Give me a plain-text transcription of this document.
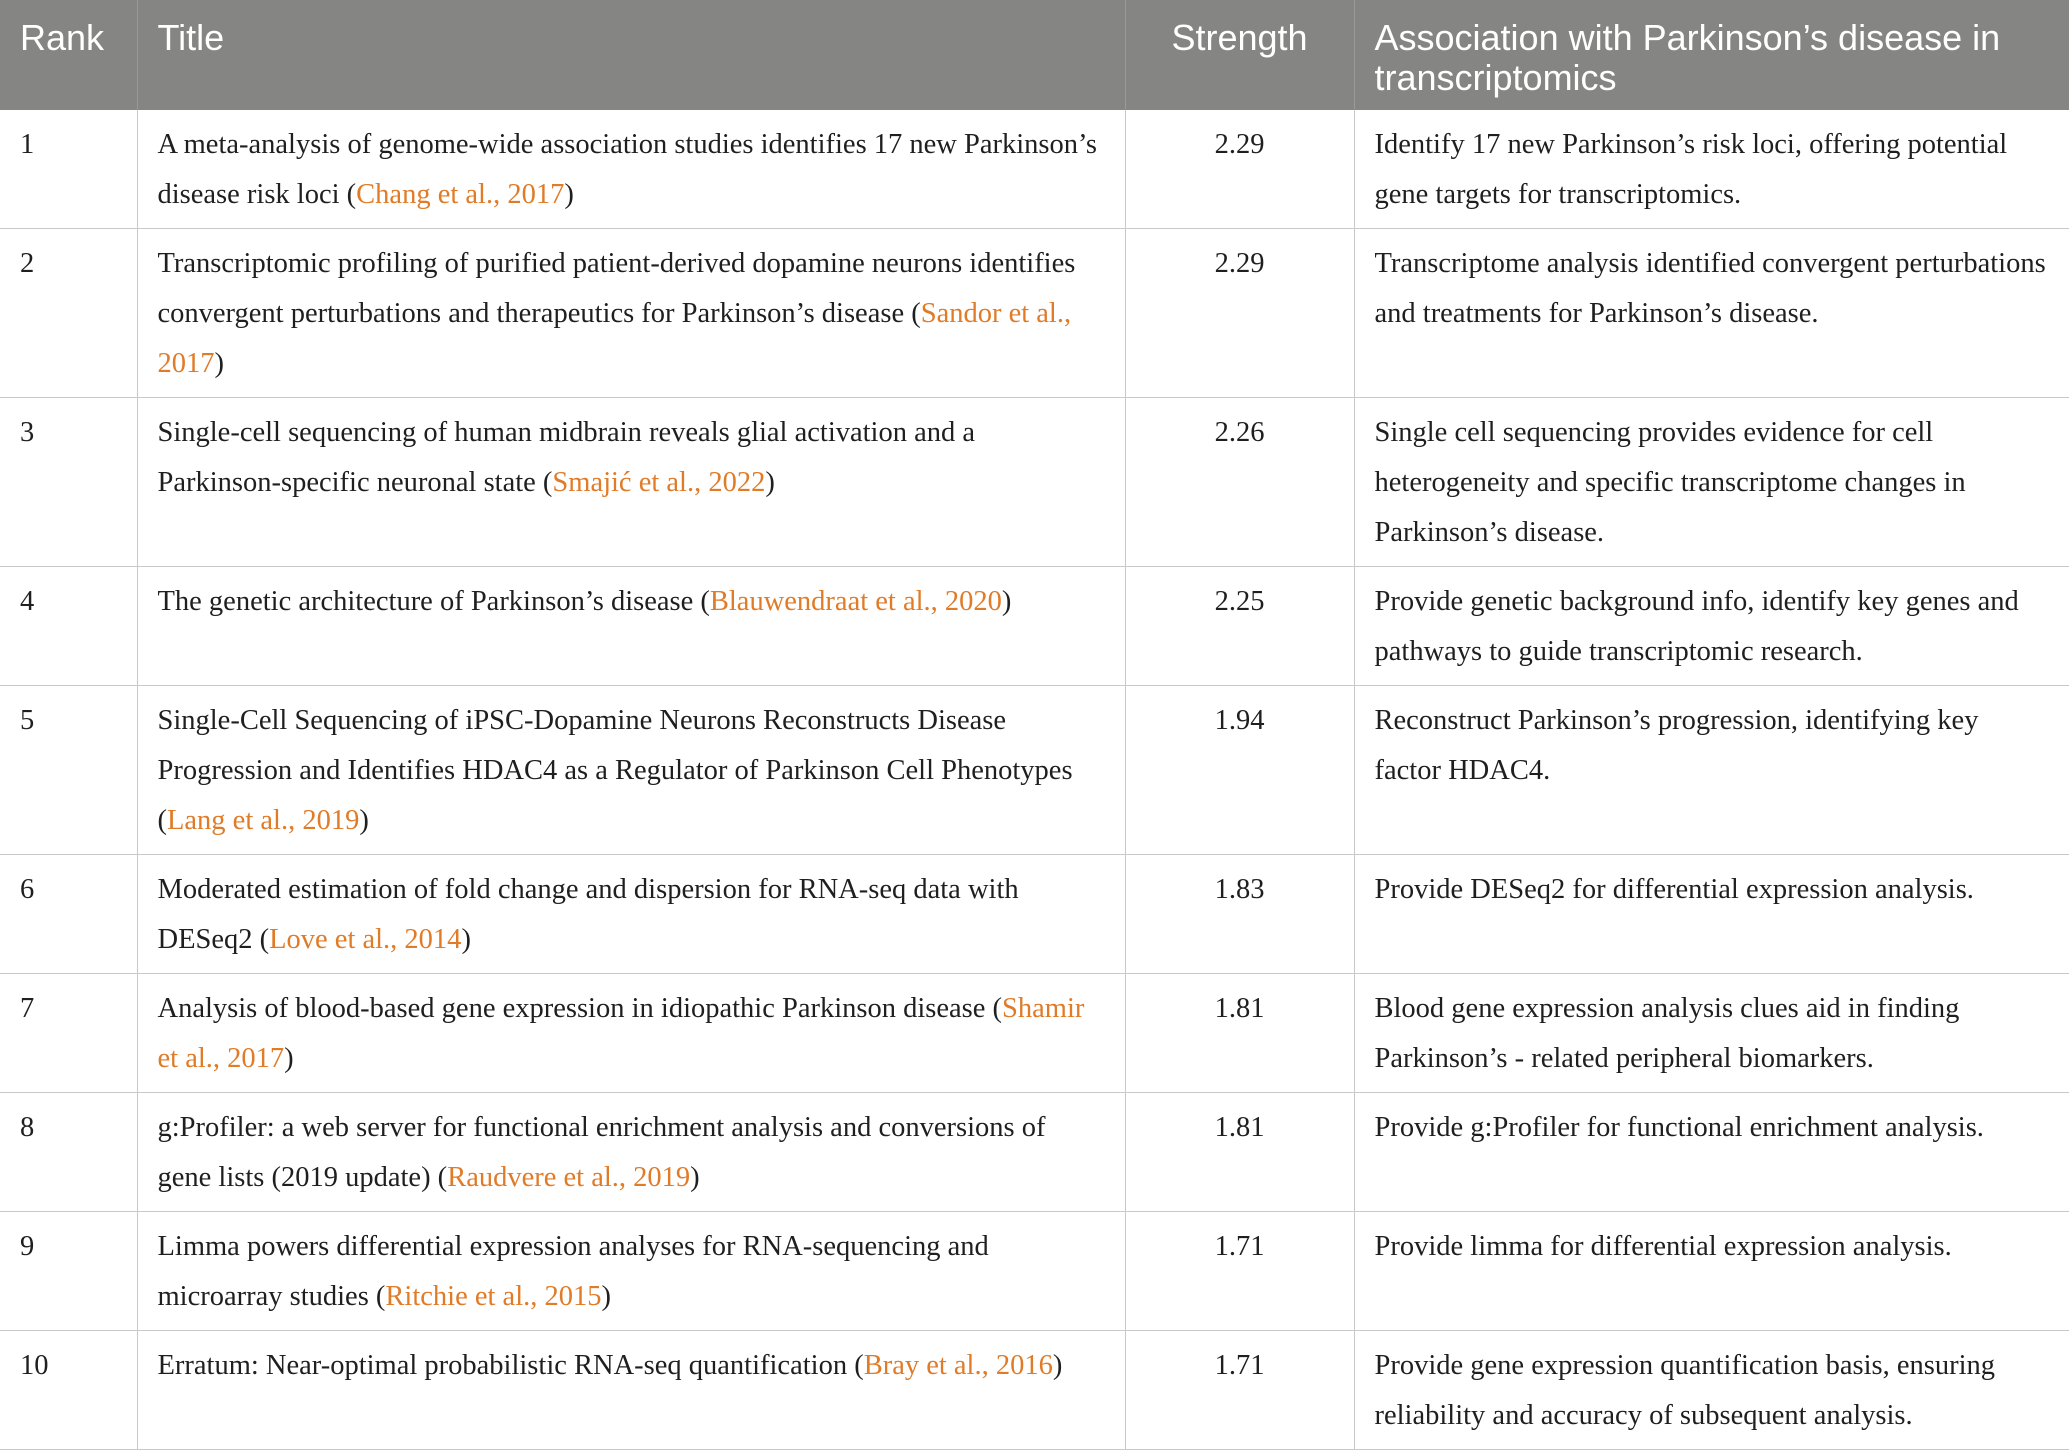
Rank	Title	Strength	Association with Parkinson’s disease in transcriptomics
1	A meta-analysis of genome-wide association studies identifies 17 new Parkinson’s disease risk loci (Chang et al., 2017)	2.29	Identify 17 new Parkinson’s risk loci, offering potential gene targets for transcriptomics.
2	Transcriptomic profiling of purified patient-derived dopamine neurons identifies convergent perturbations and therapeutics for Parkinson’s disease (Sandor et al., 2017)	2.29	Transcriptome analysis identified convergent perturbations and treatments for Parkinson’s disease.
3	Single-cell sequencing of human midbrain reveals glial activation and a Parkinson-specific neuronal state (Smajić et al., 2022)	2.26	Single cell sequencing provides evidence for cell heterogeneity and specific transcriptome changes in Parkinson’s disease.
4	The genetic architecture of Parkinson’s disease (Blauwendraat et al., 2020)	2.25	Provide genetic background info, identify key genes and pathways to guide transcriptomic research.
5	Single-Cell Sequencing of iPSC-Dopamine Neurons Reconstructs Disease Progression and Identifies HDAC4 as a Regulator of Parkinson Cell Phenotypes (Lang et al., 2019)	1.94	Reconstruct Parkinson’s progression, identifying key factor HDAC4.
6	Moderated estimation of fold change and dispersion for RNA-seq data with DESeq2 (Love et al., 2014)	1.83	Provide DESeq2 for differential expression analysis.
7	Analysis of blood-based gene expression in idiopathic Parkinson disease (Shamir et al., 2017)	1.81	Blood gene expression analysis clues aid in finding Parkinson’s - related peripheral biomarkers.
8	g:Profiler: a web server for functional enrichment analysis and conversions of gene lists (2019 update) (Raudvere et al., 2019)	1.81	Provide g:Profiler for functional enrichment analysis.
9	Limma powers differential expression analyses for RNA-sequencing and microarray studies (Ritchie et al., 2015)	1.71	Provide limma for differential expression analysis.
10	Erratum: Near-optimal probabilistic RNA-seq quantification (Bray et al., 2016)	1.71	Provide gene expression quantification basis, ensuring reliability and accuracy of subsequent analysis.
